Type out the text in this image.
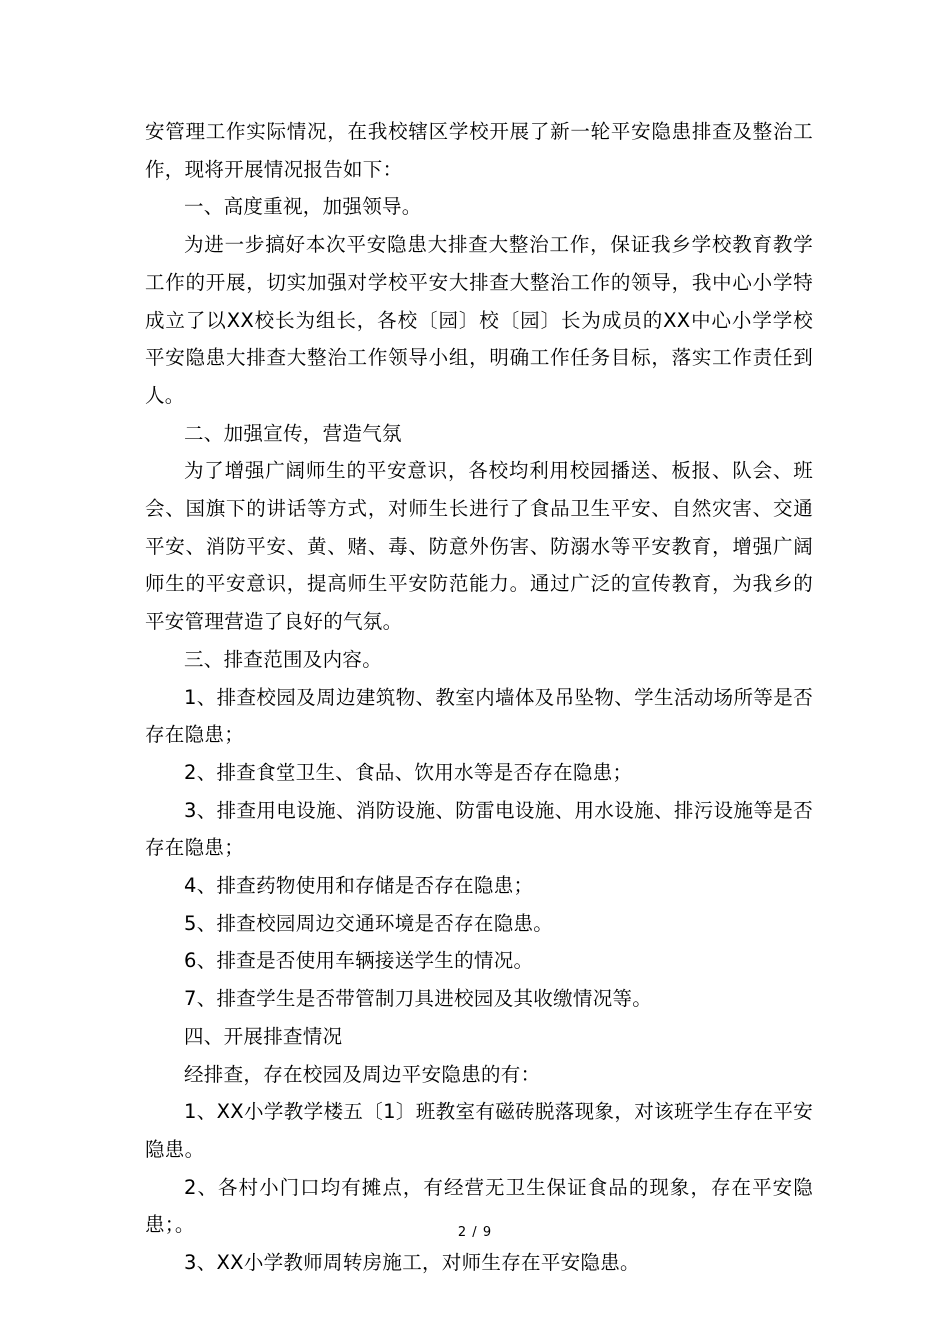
安管理工作实际情况，在我校辖区学校开展了新一轮平安隐患排查及整治工作，现将开展情况报告如下：

一、高度重视，加强领导。

为进一步搞好本次平安隐患大排查大整治工作，保证我乡学校教育教学工作的开展，切实加强对学校平安大排查大整治工作的领导，我中心小学特成立了以XX校长为组长，各校〔园〕校〔园〕长为成员的XX中心小学学校平安隐患大排查大整治工作领导小组，明确工作任务目标，落实工作责任到人。

二、加强宣传，营造气氛

为了增强广阔师生的平安意识，各校均利用校园播送、板报、队会、班会、国旗下的讲话等方式，对师生长进行了食品卫生平安、自然灾害、交通平安、消防平安、黄、赌、毒、防意外伤害、防溺水等平安教育，增强广阔师生的平安意识，提高师生平安防范能力。通过广泛的宣传教育，为我乡的平安管理营造了良好的气氛。

三、排查范围及内容。

1、排查校园及周边建筑物、教室内墙体及吊坠物、学生活动场所等是否存在隐患；

2、排查食堂卫生、食品、饮用水等是否存在隐患；

3、排查用电设施、消防设施、防雷电设施、用水设施、排污设施等是否存在隐患；

4、排查药物使用和存储是否存在隐患；

5、排查校园周边交通环境是否存在隐患。

6、排查是否使用车辆接送学生的情况。

7、排查学生是否带管制刀具进校园及其收缴情况等。

四、开展排查情况

经排查，存在校园及周边平安隐患的有：

1、XX小学教学楼五〔1〕班教室有磁砖脱落现象，对该班学生存在平安隐患。

2、各村小门口均有摊点，有经营无卫生保证食品的现象，存在平安隐患；。

3、XX小学教师周转房施工，对师生存在平安隐患。

2 / 9
